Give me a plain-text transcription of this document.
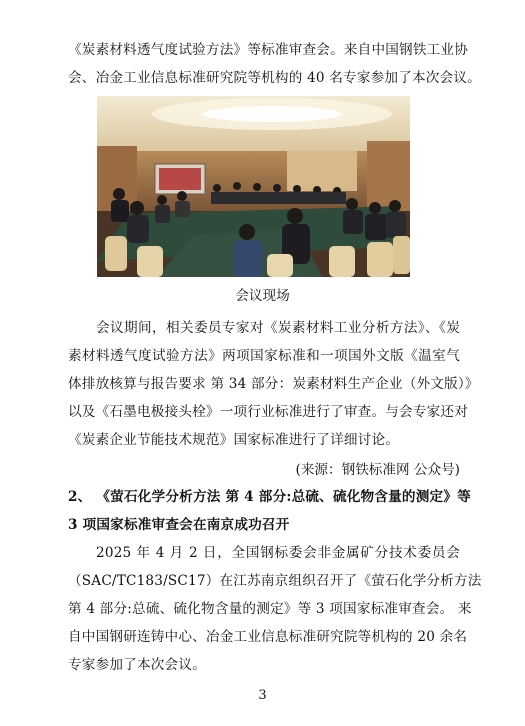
《炭素材料透气度试验方法》等标准审查会。来自中国钢铁工业协
会、冶金工业信息标准研究院等机构的 40 名专家参加了本次会议。
会议现场
会议期间，相关委员专家对《炭素材料工业分析方法》、《炭
素材料透气度试验方法》两项国家标准和一项国外文版《温室气
体排放核算与报告要求 第 34 部分：炭素材料生产企业（外文版）》
以及《石墨电极接头栓》一项行业标准进行了审查。与会专家还对
《炭素企业节能技术规范》国家标准进行了详细讨论。
(来源：钢铁标准网 公众号)
2、 《萤石化学分析方法 第 4 部分:总硫、硫化物含量的测定》等
3 项国家标准审查会在南京成功召开
2025 年 4 月 2 日，全国钢标委会非金属矿分技术委员会
（SAC/TC183/SC17）在江苏南京组织召开了《萤石化学分析方法
第 4 部分:总硫、硫化物含量的测定》等 3 项国家标准审查会。 来
自中国钢研连铸中心、冶金工业信息标准研究院等机构的 20 余名
专家参加了本次会议。
3
